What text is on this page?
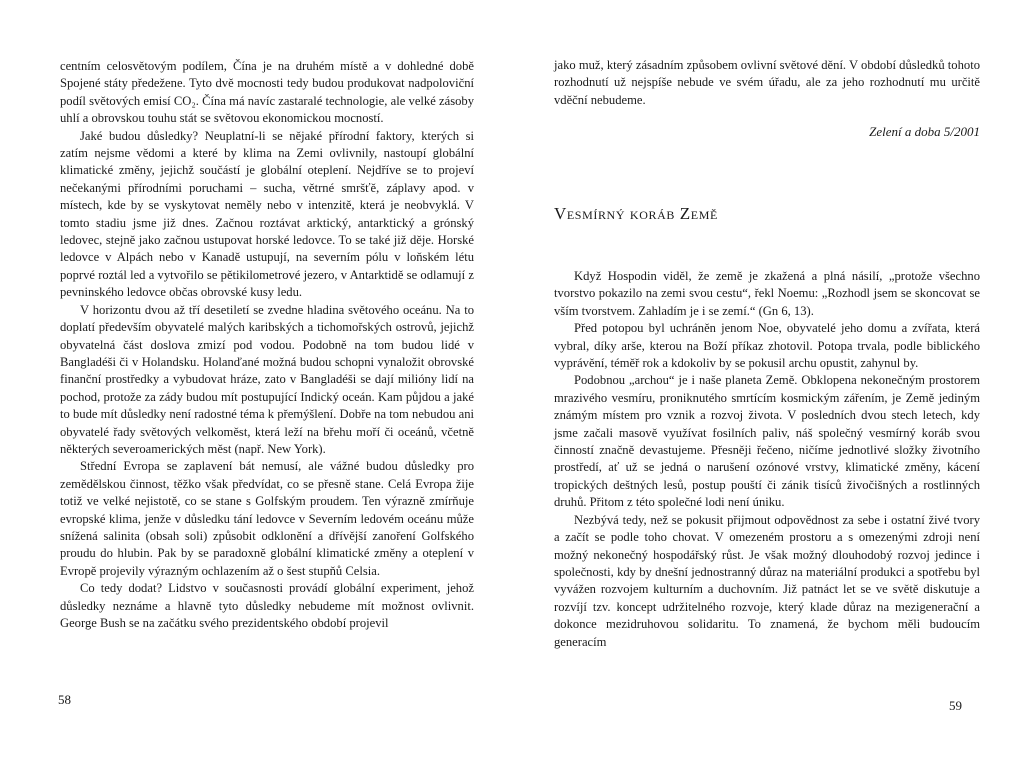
centním celosvětovým podílem, Čína je na druhém místě a v dohledné době Spojené státy předežene. Tyto dvě mocnosti tedy budou produkovat nadpoloviční podíl světových emisí CO₂. Čína má navíc zastaralé technologie, ale velké zásoby uhlí a obrovskou touhu stát se světovou ekonomickou mocností.

Jaké budou důsledky? Neuplatní-li se nějaké přírodní faktory, kterých si zatím nejsme vědomi a které by klima na Zemi ovlivnily, nastoupí globální klimatické změny, jejichž součástí je globální oteplení. Nejdříve se to projeví nečekanými přírodními poruchami – sucha, větrné smršťě, záplavy apod. v místech, kde by se vyskytovat neměly nebo v intenzitě, která je neobvyklá. V tomto stadiu jsme již dnes. Začnou roztávat arktický, antarktický a grónský ledovec, stejně jako začnou ustupovat horské ledovce. To se také již děje. Horské ledovce v Alpách nebo v Kanadě ustupují, na severním pólu v loňském létu poprvé roztál led a vytvořilo se pětikilometrové jezero, v Antarktidě se odlamují z pevninského ledovce občas obrovské kusy ledu.

V horizontu dvou až tří desetiletí se zvedne hladina světového oceánu. Na to doplatí především obyvatelé malých karibských a tichomořských ostrovů, jejichž obyvatelná část doslova zmizí pod vodou. Podobně na tom budou lidé v Bangladéši či v Holandsku. Holanďané možná budou schopni vynaložit obrovské finanční prostředky a vybudovat hráze, zato v Bangladéši se dají milióny lidí na pochod, protože za zády budou mít postupující Indický oceán. Kam půjdou a jaké to bude mít důsledky není radostné téma k přemýšlení. Dobře na tom nebudou ani obyvatelé řady světových velkoměst, která leží na břehu moří či oceánů, včetně některých severoamerických měst (např. New York).

Střední Evropa se zaplavení bát nemusí, ale vážné budou důsledky pro zemědělskou činnost, těžko však předvídat, co se přesně stane. Celá Evropa žije totiž ve velké nejistotě, co se stane s Golfským proudem. Ten výrazně zmírňuje evropské klima, jenže v důsledku tání ledovce v Severním ledovém oceánu může snížená salinita (obsah soli) způsobit odklonění a dřívější zanoření Golfského proudu do hlubin. Pak by se paradoxně globální klimatické změny a oteplení v Evropě projevily výrazným ochlazením až o šest stupňů Celsia.

Co tedy dodat? Lidstvo v současnosti provádí globální experiment, jehož důsledky neznáme a hlavně tyto důsledky nebudeme mít možnost ovlivnit. George Bush se na začátku svého prezidentského období projevil

58

jako muž, který zásadním způsobem ovlivní světové dění. V období důsledků tohoto rozhodnutí už nejspíše nebude ve svém úřadu, ale za jeho rozhodnutí mu určitě vděční nebudeme.

Zelení a doba 5/2001
Vesmírný koráb Země

Když Hospodin viděl, že země je zkažená a plná násilí, „protože všechno tvorstvo pokazilo na zemi svou cestu“, řekl Noemu: „Rozhodl jsem se skoncovat se vším tvorstvem. Zahladím je i se zemí.“ (Gn 6, 13).

Před potopou byl uchráněn jenom Noe, obyvatelé jeho domu a zvířata, která vybral, díky arše, kterou na Boží příkaz zhotovil. Potopa trvala, podle biblického vyprávění, téměř rok a kdokoliv by se pokusil archu opustit, zahynul by.

Podobnou „archou“ je i naše planeta Země. Obklopena nekonečným prostorem mrazivého vesmíru, proniknutého smrtícím kosmickým zářením, je Země jediným známým místem pro vznik a rozvoj života. V posledních dvou stech letech, kdy jsme začali masově využívat fosilních paliv, náš společný vesmírný koráb svou činností značně devastujeme. Přesněji řečeno, ničíme jednotlivé složky životního prostředí, ať už se jedná o narušení ozónové vrstvy, klimatické změny, kácení tropických deštných lesů, postup pouští či zánik tisíců živočišných a rostlinných druhů. Přitom z této společné lodi není úniku.

Nezbývá tedy, než se pokusit přijmout odpovědnost za sebe i ostatní živé tvory a začít se podle toho chovat. V omezeném prostoru a s omezenými zdroji není možný nekonečný hospodářský růst. Je však možný dlouhodobý rozvoj jedince i společnosti, kdy by dnešní jednostranný důraz na materiální produkci a spotřebu byl vyvážen rozvojem kulturním a duchovním. Již patnáct let se ve světě diskutuje a rozvíjí tzv. koncept udržitelného rozvoje, který klade důraz na mezigenerační a dokonce mezidruhovou solidaritu. To znamená, že bychom měli budoucím generacím

59
